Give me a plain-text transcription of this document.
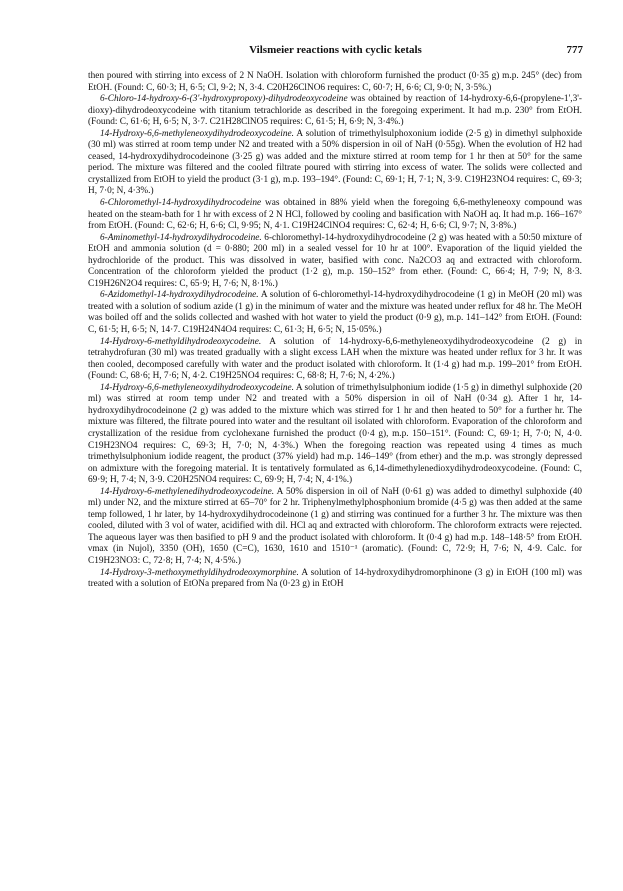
Vilsmeier reactions with cyclic ketals	777

then poured with stirring into excess of 2 N NaOH. Isolation with chloroform furnished the product (0·35 g) m.p. 245° (dec) from EtOH. (Found: C, 60·3; H, 6·5; Cl, 9·2; N, 3·4. C20H26ClNO6 requires: C, 60·7; H, 6·6; Cl, 9·0; N, 3·5%.)

6-Chloro-14-hydroxy-6-(3'-hydroxypropoxy)-dihydrodeoxycodeine was obtained by reaction of 14-hydroxy-6,6-(propylene-1',3'-dioxy)-dihydrodeoxycodeine with titanium tetrachloride as described in the foregoing experiment. It had m.p. 230° from EtOH. (Found: C, 61·6; H, 6·5; N, 3·7. C21H28ClNO5 requires: C, 61·5; H, 6·9; N, 3·4%.)

14-Hydroxy-6,6-methyleneoxydihydrodeoxycodeine. A solution of trimethylsulphoxonium iodide (2·5 g) in dimethyl sulphoxide (30 ml) was stirred at room temp under N2 and treated with a 50% dispersion in oil of NaH (0·55g). When the evolution of H2 had ceased, 14-hydroxydihydrocodeinone (3·25 g) was added and the mixture stirred at room temp for 1 hr then at 50° for the same period. The mixture was filtered and the cooled filtrate poured with stirring into excess of water. The solids were collected and crystallized from EtOH to yield the product (3·1 g), m.p. 193–194°. (Found: C, 69·1; H, 7·1; N, 3·9. C19H23NO4 requires: C, 69·3; H, 7·0; N, 4·3%.)

6-Chloromethyl-14-hydroxydihydrocodeine was obtained in 88% yield when the foregoing 6,6-methyleneoxy compound was heated on the steam-bath for 1 hr with excess of 2 N HCl, followed by cooling and basification with NaOH aq. It had m.p. 166–167° from EtOH. (Found: C, 62·6; H, 6·6; Cl, 9·95; N, 4·1. C19H24ClNO4 requires: C, 62·4; H, 6·6; Cl, 9·7; N, 3·8%.)

6-Aminomethyl-14-hydroxydihydrocodeine. 6-chloromethyl-14-hydroxydihydrocodeine (2 g) was heated with a 50:50 mixture of EtOH and ammonia solution (d = 0·880; 200 ml) in a sealed vessel for 10 hr at 100°. Evaporation of the liquid yielded the hydrochloride of the product. This was dissolved in water, basified with conc. Na2CO3 aq and extracted with chloroform. Concentration of the chloroform yielded the product (1·2 g), m.p. 150–152° from ether. (Found: C, 66·4; H, 7·9; N, 8·3. C19H26N2O4 requires: C, 65·9; H, 7·6; N, 8·1%.)

6-Azidomethyl-14-hydroxydihydrocodeine. A solution of 6-chloromethyl-14-hydroxydihydrocodeine (1 g) in MeOH (20 ml) was treated with a solution of sodium azide (1 g) in the minimum of water and the mixture was heated under reflux for 48 hr. The MeOH was boiled off and the solids collected and washed with hot water to yield the product (0·9 g), m.p. 141–142° from EtOH. (Found: C, 61·5; H, 6·5; N, 14·7. C19H24N4O4 requires: C, 61·3; H, 6·5; N, 15·05%.)

14-Hydroxy-6-methyldihydrodeoxycodeine. A solution of 14-hydroxy-6,6-methyleneoxydihydrodeoxycodeine (2 g) in tetrahydrofuran (30 ml) was treated gradually with a slight excess LAH when the mixture was heated under reflux for 3 hr. It was then cooled, decomposed carefully with water and the product isolated with chloroform. It (1·4 g) had m.p. 199–201° from EtOH. (Found: C, 68·6; H, 7·6; N, 4·2. C19H25NO4 requires: C, 68·8; H, 7·6; N, 4·2%.)

14-Hydroxy-6,6-methyleneoxydihydrodeoxycodeine. A solution of trimethylsulphonium iodide (1·5 g) in dimethyl sulphoxide (20 ml) was stirred at room temp under N2 and treated with a 50% dispersion in oil of NaH (0·34 g). After 1 hr, 14-hydroxydihydrocodeinone (2 g) was added to the mixture which was stirred for 1 hr and then heated to 50° for a further hr. The mixture was filtered, the filtrate poured into water and the resultant oil isolated with chloroform. Evaporation of the chloroform and crystallization of the residue from cyclohexane furnished the product (0·4 g), m.p. 150–151°. (Found: C, 69·1; H, 7·0; N, 4·0. C19H23NO4 requires: C, 69·3; H, 7·0; N, 4·3%.) When the foregoing reaction was repeated using 4 times as much trimethylsulphonium iodide reagent, the product (37% yield) had m.p. 146–149° (from ether) and the m.p. was strongly depressed on admixture with the foregoing material. It is tentatively formulated as 6,14-dimethylenedioxydihydrodeoxycodeine. (Found: C, 69·9; H, 7·4; N, 3·9. C20H25NO4 requires: C, 69·9; H, 7·4; N, 4·1%.)

14-Hydroxy-6-methylenedihydrodeoxycodeine. A 50% dispersion in oil of NaH (0·61 g) was added to dimethyl sulphoxide (40 ml) under N2, and the mixture stirred at 65–70° for 2 hr. Triphenylmethylphosphonium bromide (4·5 g) was then added at the same temp followed, 1 hr later, by 14-hydroxydihydrocodeinone (1 g) and stirring was continued for a further 3 hr. The mixture was then cooled, diluted with 3 vol of water, acidified with dil. HCl aq and extracted with chloroform. The chloroform extracts were rejected. The aqueous layer was then basified to pH 9 and the product isolated with chloroform. It (0·4 g) had m.p. 148–148·5° from EtOH. νmax (in Nujol), 3350 (OH), 1650 (C=C), 1630, 1610 and 1510⁻¹ (aromatic). (Found: C, 72·9; H, 7·6; N, 4·9. Calc. for C19H23NO3: C, 72·8; H, 7·4; N, 4·5%.)

14-Hydroxy-3-methoxymethyldihydrodeoxymorphine. A solution of 14-hydroxydihydromorphinone (3 g) in EtOH (100 ml) was treated with a solution of EtONa prepared from Na (0·23 g) in EtOH
